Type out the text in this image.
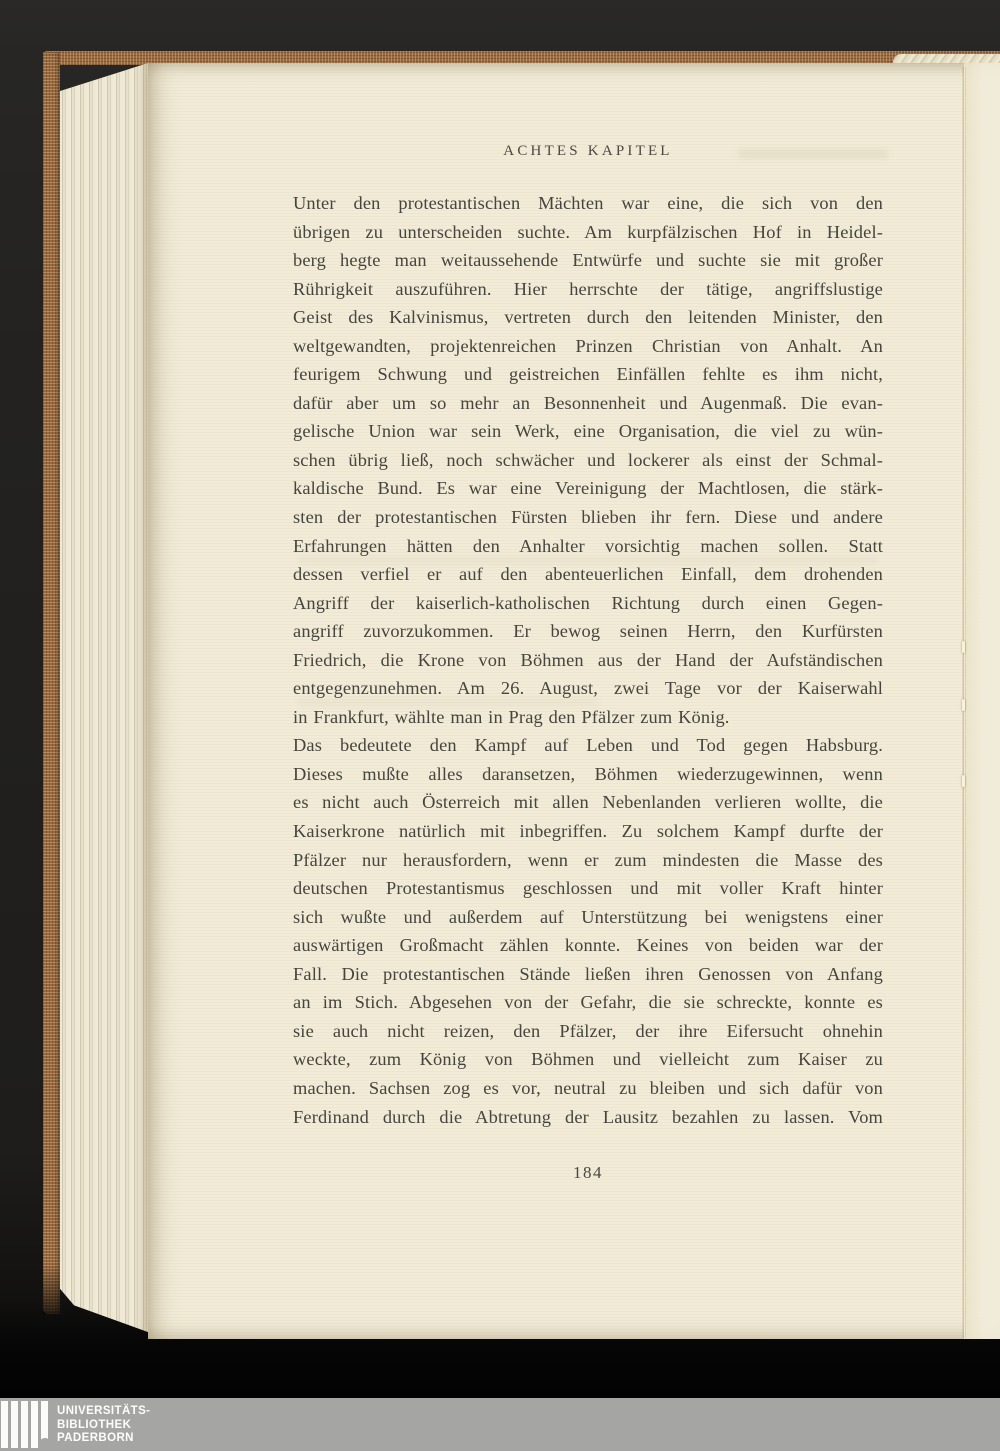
ACHTES KAPITEL
Unter den protestantischen Mächten war eine, die sich von den
übrigen zu unterscheiden suchte. Am kurpfälzischen Hof in Heidel-
berg hegte man weitaussehende Entwürfe und suchte sie mit großer
Rührigkeit auszuführen. Hier herrschte der tätige, angriffslustige
Geist des Kalvinismus, vertreten durch den leitenden Minister, den
weltgewandten, projektenreichen Prinzen Christian von Anhalt. An
feurigem Schwung und geistreichen Einfällen fehlte es ihm nicht,
dafür aber um so mehr an Besonnenheit und Augenmaß. Die evan-
gelische Union war sein Werk, eine Organisation, die viel zu wün-
schen übrig ließ, noch schwächer und lockerer als einst der Schmal-
kaldische Bund. Es war eine Vereinigung der Machtlosen, die stärk-
sten der protestantischen Fürsten blieben ihr fern. Diese und andere
Erfahrungen hätten den Anhalter vorsichtig machen sollen. Statt
dessen verfiel er auf den abenteuerlichen Einfall, dem drohenden
Angriff der kaiserlich-katholischen Richtung durch einen Gegen-
angriff zuvorzukommen. Er bewog seinen Herrn, den Kurfürsten
Friedrich, die Krone von Böhmen aus der Hand der Aufständischen
entgegenzunehmen. Am 26. August, zwei Tage vor der Kaiserwahl
in Frankfurt, wählte man in Prag den Pfälzer zum König.
Das bedeutete den Kampf auf Leben und Tod gegen Habsburg.
Dieses mußte alles daransetzen, Böhmen wiederzugewinnen, wenn
es nicht auch Österreich mit allen Nebenlanden verlieren wollte, die
Kaiserkrone natürlich mit inbegriffen. Zu solchem Kampf durfte der
Pfälzer nur herausfordern, wenn er zum mindesten die Masse des
deutschen Protestantismus geschlossen und mit voller Kraft hinter
sich wußte und außerdem auf Unterstützung bei wenigstens einer
auswärtigen Großmacht zählen konnte. Keines von beiden war der
Fall. Die protestantischen Stände ließen ihren Genossen von Anfang
an im Stich. Abgesehen von der Gefahr, die sie schreckte, konnte es
sie auch nicht reizen, den Pfälzer, der ihre Eifersucht ohnehin
weckte, zum König von Böhmen und vielleicht zum Kaiser zu
machen. Sachsen zog es vor, neutral zu bleiben und sich dafür von
Ferdinand durch die Abtretung der Lausitz bezahlen zu lassen. Vom
184
UNIVERSITÄTS-
BIBLIOTHEK
PADERBORN
